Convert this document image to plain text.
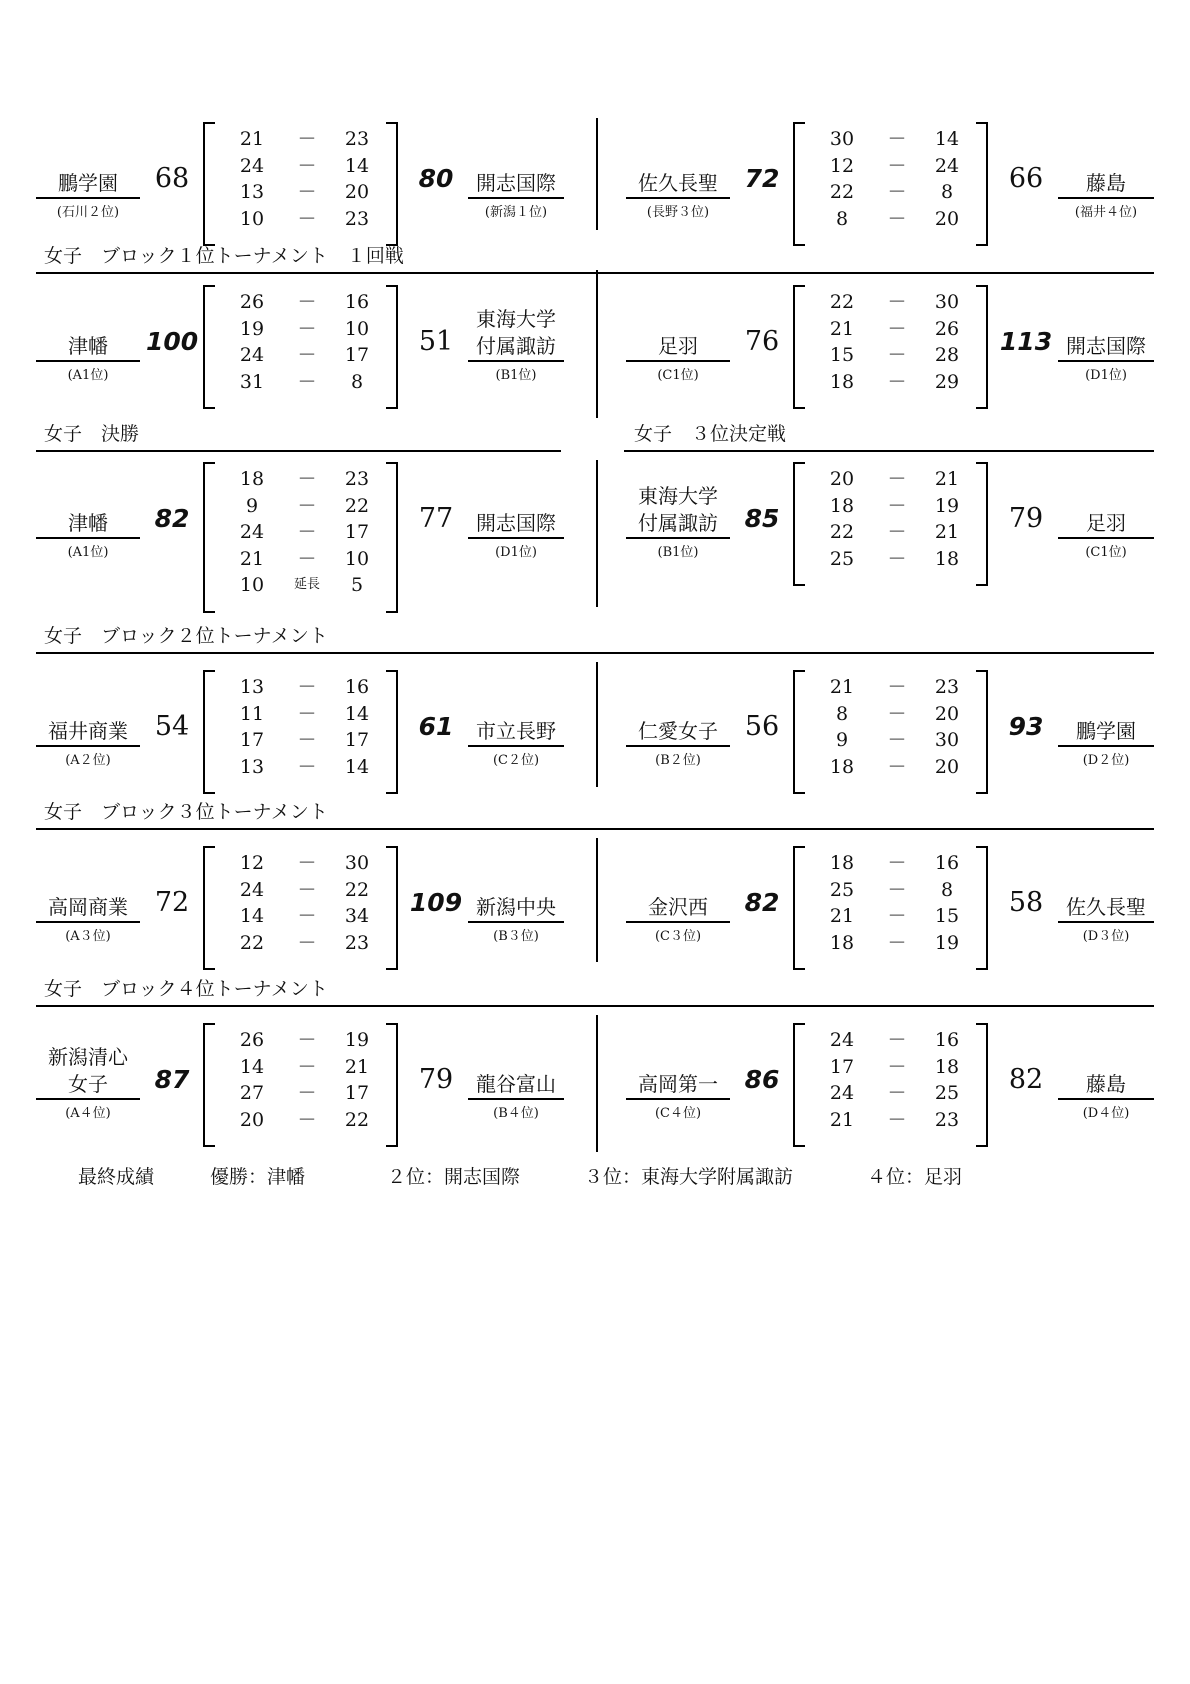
女子　ブロック１位トーナメント　１回戦
女子　決勝	女子　３位決定戦
女子　ブロック２位トーナメント
女子　ブロック３位トーナメント
女子　ブロック４位トーナメント
鵬学園
(石川２位)
68
21	－	23
24	－	14
13	－	20
10	－	23
80	開志国際
(新潟１位)
佐久長聖
(長野３位)
72
30	－	14
12	－	24
22	－	8
8	－	20
66	藤島
(福井４位)
津幡
(A1位)
100
26	－	16
19	－	10
24	－	17
31	－	8
51
東海大学
付属諏訪
(B1位)
足羽
(C1位)
76
22	－	30
21	－	26
15	－	28
18	－	29
113 開志国際
(D1位)
津幡
(A1位)
82
18	－	23
9	－	22
24	－	17
21	－	10
10	延長	5
77	開志国際
(D1位)
東海大学
付属諏訪
(B1位)
85
20	－	21
18	－	19
22	－	21
25	－	18
79	足羽
(C1位)
福井商業
(A２位)
54
13	－	16
11	－	14
17	－	17
13	－	14
61	市立長野
(C２位)
仁愛女子
(B２位)
56
21	－	23
8	－	20
9	－	30
18	－	20
93	鵬学園
(D２位)
高岡商業
(A３位)
72
12	－	30
24	－	22
14	－	34
22	－	23
109 新潟中央
(B３位)
金沢西
(C３位)
82
18	－	16
25	－	8
21	－	15
18	－	19
58	佐久長聖
(D３位)
新潟清心
女子
(A４位)
87
26	－	19
14	－	21
27	－	17
20	－	22
79	龍谷富山
(B４位)
高岡第一
(C４位)
86
24	－	16
17	－	18
24	－	25
21	－	23
82	藤島
(D４位)
最終成績	優勝：津幡	２位：開志国際	３位：東海大学附属諏訪	４位：足羽
